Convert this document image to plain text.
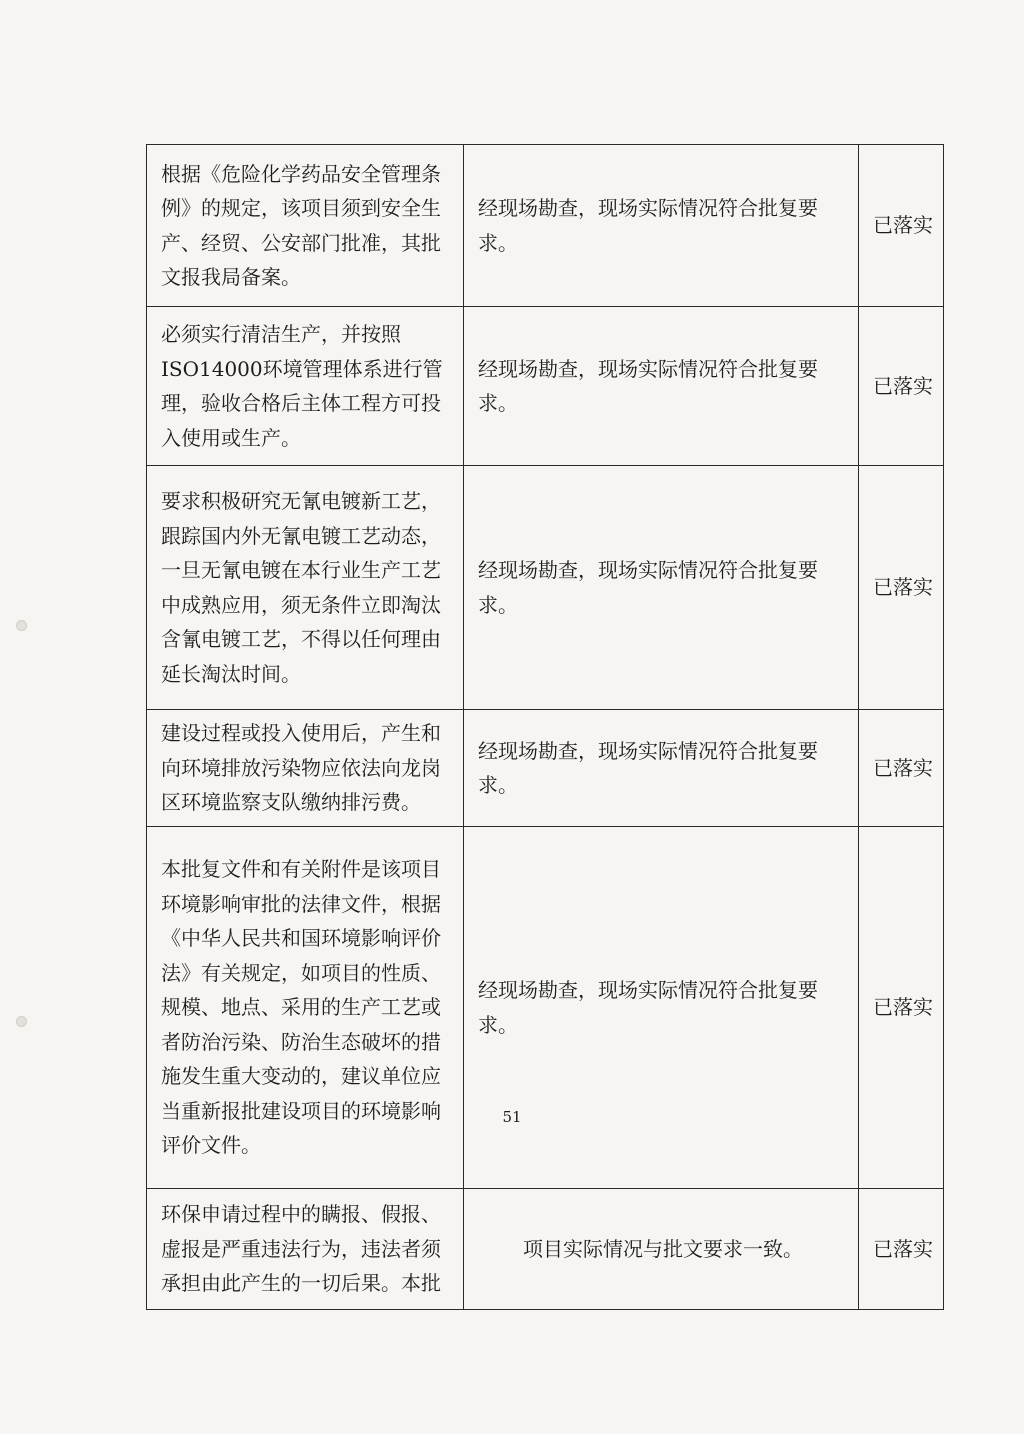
根据《危险化学药品安全管理条例》的规定，该项目须到安全生产、经贸、公安部门批准，其批文报我局备案。	经现场勘查，现场实际情况符合批复要求。	已落实
必须实行清洁生产，并按照ISO14000环境管理体系进行管理，验收合格后主体工程方可投入使用或生产。	经现场勘查，现场实际情况符合批复要求。	已落实
要求积极研究无氰电镀新工艺，跟踪国内外无氰电镀工艺动态，一旦无氰电镀在本行业生产工艺中成熟应用，须无条件立即淘汰含氰电镀工艺，不得以任何理由延长淘汰时间。	经现场勘查，现场实际情况符合批复要求。	已落实
建设过程或投入使用后，产生和向环境排放污染物应依法向龙岗区环境监察支队缴纳排污费。	经现场勘查，现场实际情况符合批复要求。	已落实
本批复文件和有关附件是该项目环境影响审批的法律文件，根据《中华人民共和国环境影响评价法》有关规定，如项目的性质、规模、地点、采用的生产工艺或者防治污染、防治生态破坏的措施发生重大变动的，建议单位应当重新报批建设项目的环境影响评价文件。	经现场勘查，现场实际情况符合批复要求。	已落实
环保申请过程中的瞒报、假报、虚报是严重违法行为，违法者须承担由此产生的一切后果。本批	项目实际情况与批文要求一致。	已落实
51
